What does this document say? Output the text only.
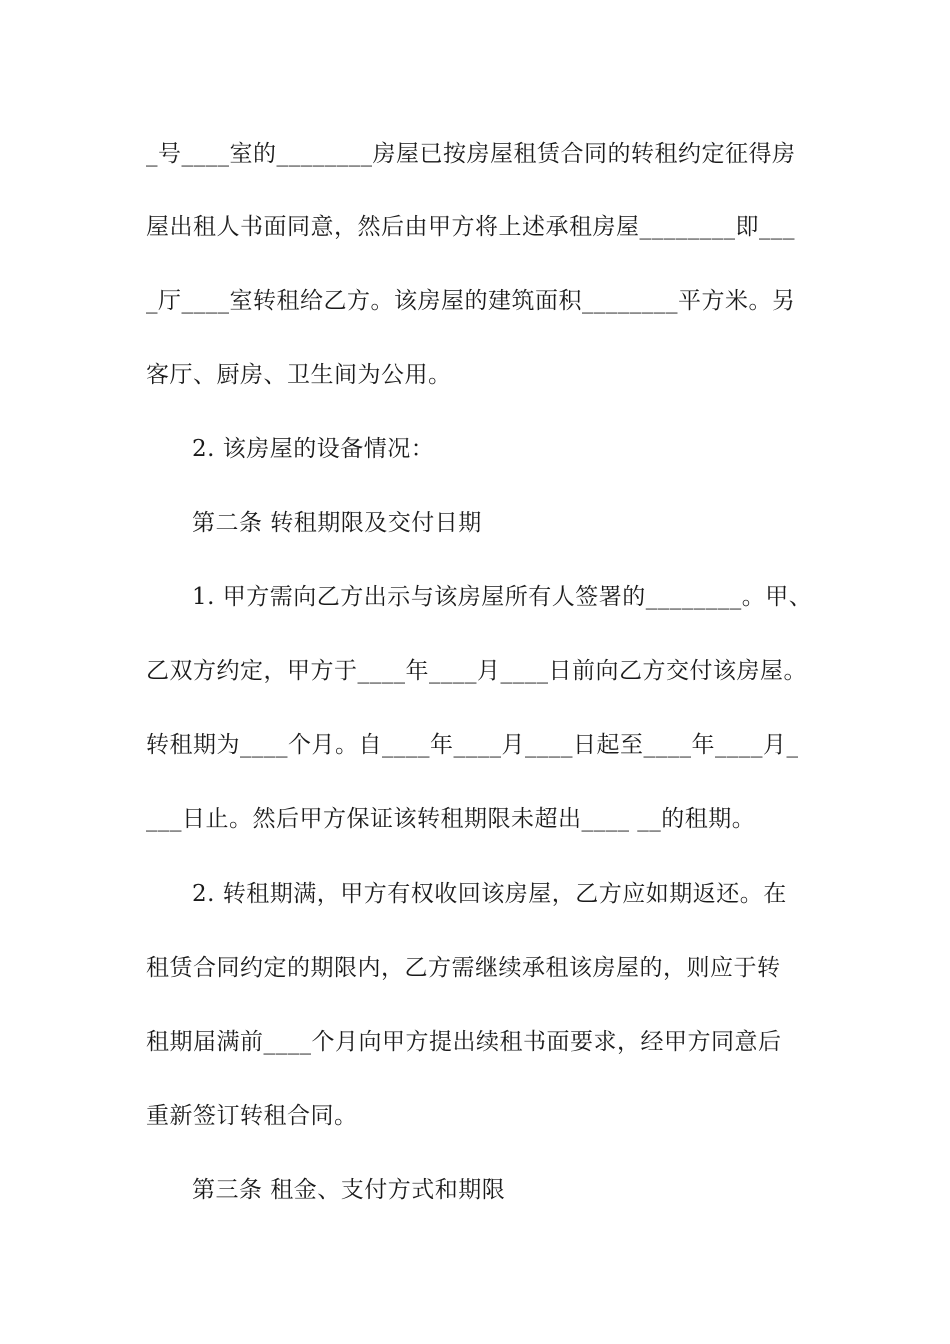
_号____室的________房屋已按房屋租赁合同的转租约定征得房
屋出租人书面同意，然后由甲方将上述承租房屋________即___
_厅____室转租给乙方。该房屋的建筑面积________平方米。另
客厅、厨房、卫生间为公用。
2. 该房屋的设备情况：
第二条 转租期限及交付日期
1. 甲方需向乙方出示与该房屋所有人签署的________。甲、
乙双方约定，甲方于____年____月____日前向乙方交付该房屋。
转租期为____个月。自____年____月____日起至____年____月_
___日止。然后甲方保证该转租期限未超出____ __的租期。
2. 转租期满，甲方有权收回该房屋，乙方应如期返还。在
租赁合同约定的期限内，乙方需继续承租该房屋的，则应于转
租期届满前____个月向甲方提出续租书面要求，经甲方同意后
重新签订转租合同。
第三条 租金、支付方式和期限
